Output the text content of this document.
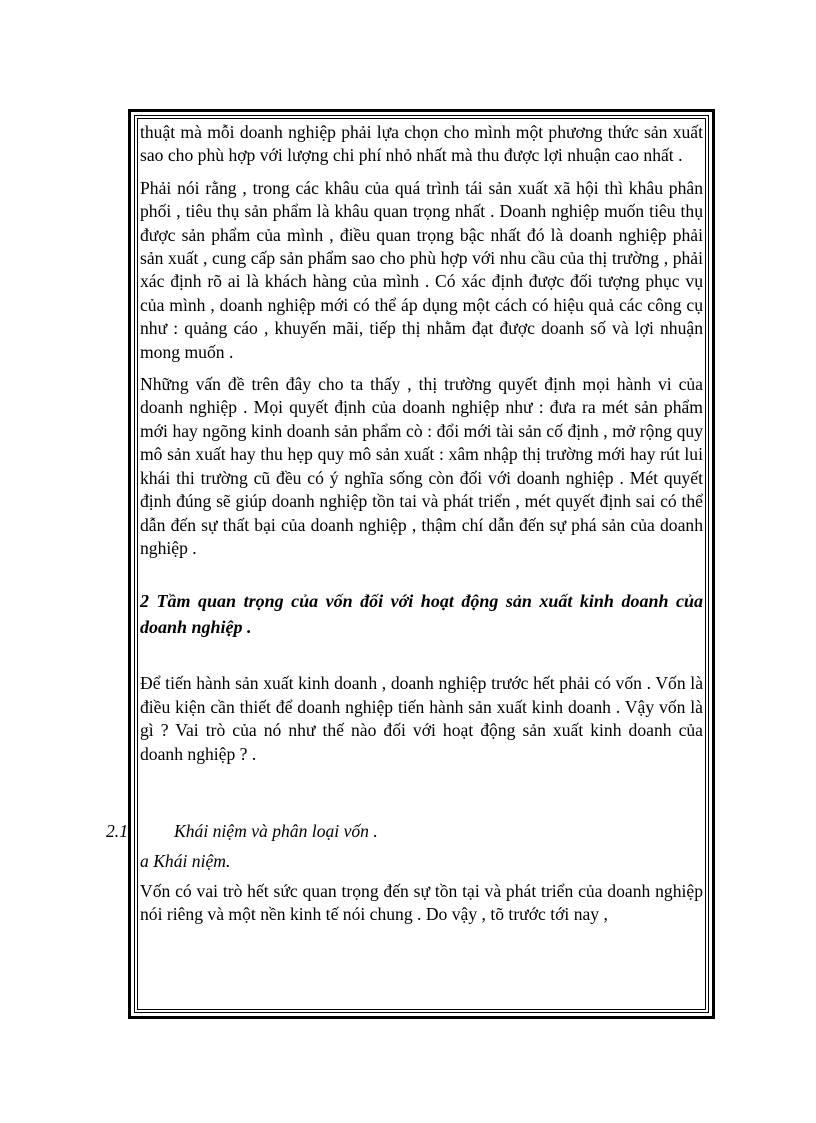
thuật mà mỗi doanh nghiệp phải lựa chọn cho mình một phương thức sản xuất sao cho phù hợp với lượng chi phí nhỏ nhất mà thu được lợi nhuận cao nhất .

Phải nói rằng , trong các khâu của quá trình tái sản xuất xã hội thì khâu phân phối , tiêu thụ sản phẩm là khâu quan trọng nhất . Doanh nghiệp muốn tiêu thụ được sản phẩm của mình , điều quan trọng bậc nhất đó là doanh nghiệp phải sản xuất , cung cấp sản phẩm sao cho phù hợp với nhu cầu của thị trường , phải xác định rõ ai là khách hàng của mình . Có xác định được đối tượng phục vụ của mình , doanh nghiệp mới có thể áp dụng một cách có hiệu quả các công cụ như : quảng cáo , khuyến mãi, tiếp thị nhằm đạt được doanh số và lợi nhuận mong muốn .

Những vấn đề trên đây cho ta thấy , thị trường quyết định mọi hành vi của doanh nghiệp . Mọi quyết định của doanh nghiệp như : đưa ra mét sản phẩm mới hay ngõng kinh doanh sản phẩm cò : đổi mới tài sản cố định , mở rộng quy mô sản xuất hay thu hẹp quy mô sản xuất : xâm nhập thị trường mới hay rút lui khái thi trường cũ đều có ý nghĩa sống còn đối với doanh nghiệp . Mét quyết định đúng sẽ giúp doanh nghiệp tồn tai và phát triển , mét quyết định sai có thể dẫn đến sự thất bại của doanh nghiệp , thậm chí dẫn đến sự phá sản của doanh nghiệp .

2 Tầm quan trọng của vốn đối với hoạt động sản xuất kinh doanh của doanh nghiệp .

Để tiến hành sản xuất kinh doanh , doanh nghiệp trước hết phải có vốn . Vốn là điều kiện cần thiết để doanh nghiệp tiến hành sản xuất kinh doanh . Vậy vốn là gì ? Vai trò của nó như thế nào đối với hoạt động sản xuất kinh doanh của doanh nghiệp ? .

2.1	Khái niệm và phân loại vốn .
a Khái niệm.

Vốn có vai trò hết sức quan trọng đến sự tồn tại và phát triển của doanh nghiệp nói riêng và một nền kinh tế nói chung . Do vậy , tõ trước tới nay ,
